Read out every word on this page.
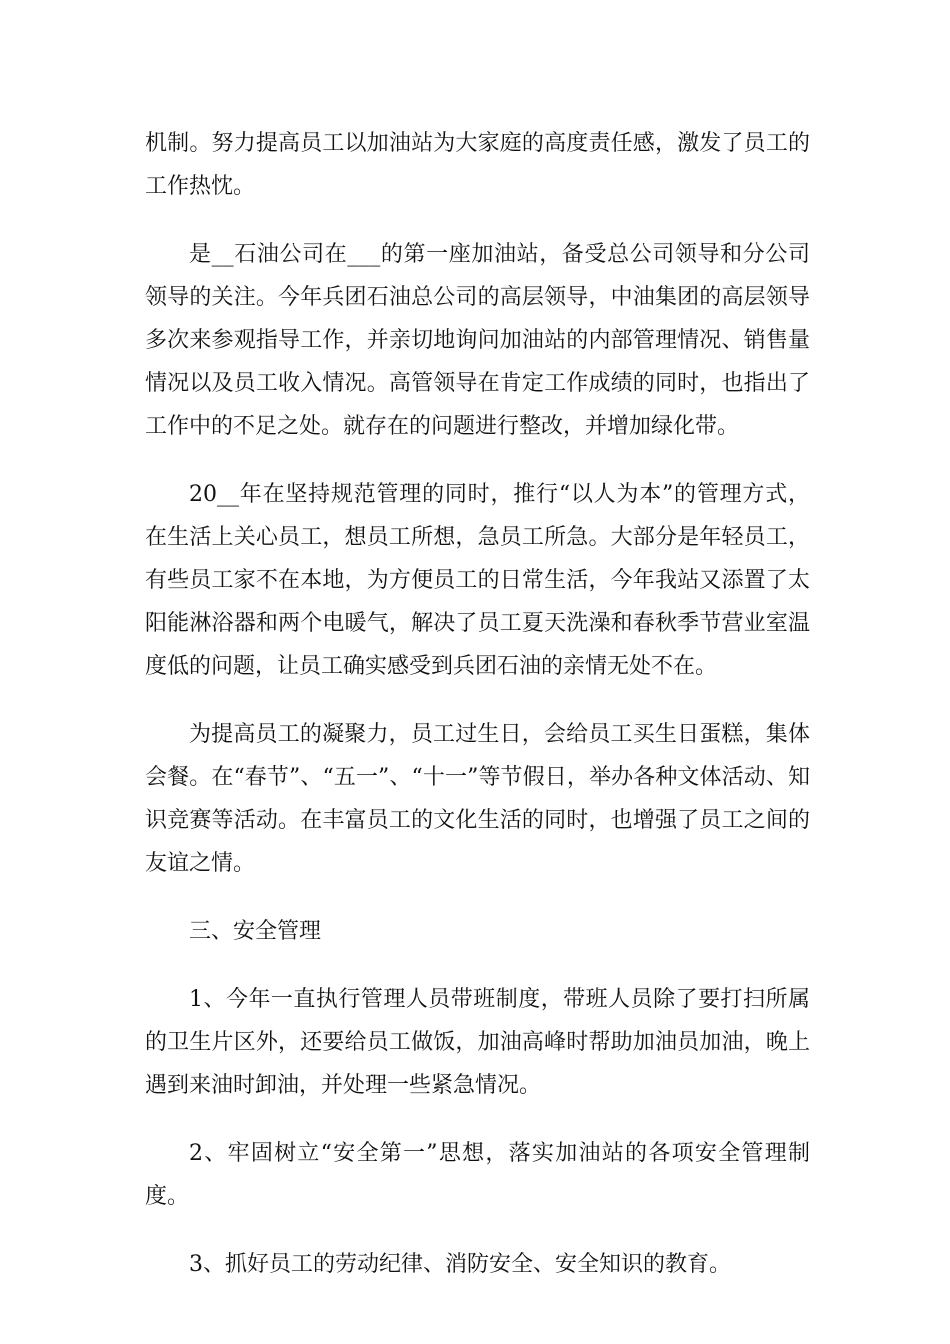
机制。努力提高员工以加油站为大家庭的高度责任感，激发了员工的工作热忱。

是__石油公司在___的第一座加油站，备受总公司领导和分公司领导的关注。今年兵团石油总公司的高层领导，中油集团的高层领导多次来参观指导工作，并亲切地询问加油站的内部管理情况、销售量情况以及员工收入情况。高管领导在肯定工作成绩的同时，也指出了工作中的不足之处。就存在的问题进行整改，并增加绿化带。

20__年在坚持规范管理的同时，推行“以人为本”的管理方式，在生活上关心员工，想员工所想，急员工所急。大部分是年轻员工，有些员工家不在本地，为方便员工的日常生活，今年我站又添置了太阳能淋浴器和两个电暖气，解决了员工夏天洗澡和春秋季节营业室温度低的问题，让员工确实感受到兵团石油的亲情无处不在。

为提高员工的凝聚力，员工过生日，会给员工买生日蛋糕，集体会餐。在“春节”、“五一”、“十一”等节假日，举办各种文体活动、知识竞赛等活动。在丰富员工的文化生活的同时，也增强了员工之间的友谊之情。

三、安全管理

1、今年一直执行管理人员带班制度，带班人员除了要打扫所属的卫生片区外，还要给员工做饭，加油高峰时帮助加油员加油，晚上遇到来油时卸油，并处理一些紧急情况。

2、牢固树立“安全第一”思想，落实加油站的各项安全管理制度。

3、抓好员工的劳动纪律、消防安全、安全知识的教育。
